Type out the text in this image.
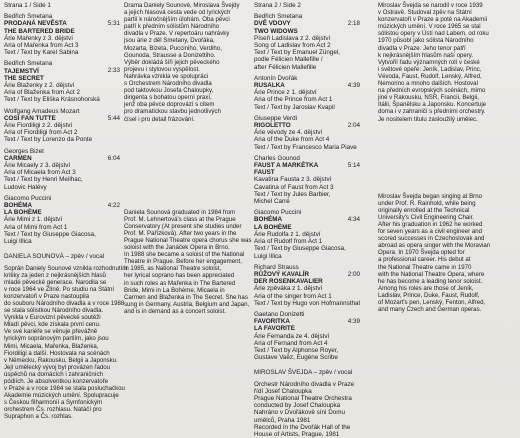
Strana 1 / Side 1
Bedřich Smetana
PRODANÁ NEVĚSTA
THE BARTERED BRIDE
Árie Mařenky z 3. dějství
Aria of Mařenka from Act 3
Text / Text by Karel Sabina
5:31
Bedřich Smetana
TAJEMSTVÍ
THE SECRET
Árie Blaženky z 2. dějství
Aria of Blaženka from Act 2
Text / Text by Eliška Krásnohorská
2:33
Wolfgang Amadeus Mozart
COSÍ FAN TUTTE
Árie Fiordiligi z 2. dějství
Aria of Fiordiligi from Act 2
Text / Text by Lorenzo da Ponte
5:44
Georges Bizet
CARMEN
Árie Micaely z 3. dějství
Aria of Micaela from Act 3
Text / Text by Henri Meilhac,
Ludovic Halévy
6:04
Giacomo Puccini
BOHÉMA
LA BOHÈME
Árie Mimi z 1. dějství
Aria of Mimi from Act 1
Text / Text by Giuseppe Giacosa,
Luigi Illica
4:22
DANIELA SOUNOVÁ – zpěv / vocal
Soprán Daniely Sounové vznikla rozhodnutím
kritiky za jeden z nejkrásnějších hlasů
mladé pěvecké generace. Narodila se
v roce 1964 ve Zlíně. Po studiu na Státní
konzervatoři v Praze nastoupila
do souboru Národního divadla a v roce 1988
se stala sólistkou Národního divadla.
Vynikla v Eurovizní pěvecké soutěži
Mladí pěvci, kde získala první cenu.
Ve své kariéře se věnuje převážně
lyrickým sopránovým partiím, jako jsou
Mimi, Micaela, Mařenka, Blaženka,
Fiordiligi a další. Hostovala na scénách
v Německu, Rakousku, Belgii a Japonsku.
Její umělecký vývoj byl provázen řadou
úspěchů na domácích i zahraničních
pódiích. Je absolventkou konzervatoře
v Praze a v roce 1984 se stala posluchačkou
Akademie múzických umění. Spolupracuje
s Českou filharmonií a Symfonickým
orchestrem Čs. rozhlasu. Natáčí pro
Supraphon a Čs. rozhlas.
Drama Daniely Sounové, Miroslava Švejdy
a jejich hlasová cesta vede od lyrických
partií k náročnějším úlohám. Oba pěvci
patří k předním sólistům Národního
divadla v Praze. V repertoáru nahrávky
jsou árie z děl Smetany, Dvořáka,
Mozarta, Bizeta, Pucciniho, Verdiho,
Gounoda, Strausse a Donizettiho.
Výběr dokládá šíři jejich pěveckého
projevu i stylovou vyspělost.
Nahrávka vznikla ve spolupráci
s Orchestrem Národního divadla
pod taktovkou Josefa Chaloupky,
dirigenta s bohatou operní praxí,
jenž oba pěvce doprovází s citem
pro dramatickou stavbu jednotlivých
čísel i pro detail frázování.
Daniela Sounová graduated in 1984 from
Prof. M. Lehnertová's class at the Prague
Conservatory (At present she studies under
Prof. M. Pařízková). After two years in the
Prague National Theatre opera chorus she was
soloist with the Janáček Opera in Brno.
In 1988 she became a soloist of the National
Theatre in Prague. Before her engagement,
in 1985, as National Theatre soloist,
her lyrical soprano has been appreciated
in such roles as Mařenka in The Bartered
Bride, Mimi in La Bohème, Micaela in
Carmen and Blaženka in The Secret. She has
sung in Germany, Austria, Belgium and Japan,
and is in demand as a concert soloist.
Strana 2 / Side 2
Bedřich Smetana
DVĚ VDOVY
TWO WIDOWS
Píseň Ladislava z 2. dějství
Song of Ladislav from Act 2
Text / Text by Emanuel Züngel,
podle Félicien Mallefille /
after Félicien Mallefille
2:18
Antonín Dvořák
RUSALKA
Árie Prince z 1. dějství
Aria of the Prince from Act 1
Text / Text by Jaroslav Kvapil
4:39
Giuseppe Verdi
RIGOLETTO
Árie vévody ze 4. dějství
Aria of the Duke from Act 4
Text / Text by Francesco Maria Piave
2:04
Charles Gounod
FAUST A MARKÉTKA
FAUST
Kavatina Fausta z 3. dějství
Cavatina of Faust from Act 3
Text / Text by Jules Barbier,
Michel Carré
5:14
Giacomo Puccini
BOHÉMA
LA BOHÈME
Árie Rudolfa z 1. dějství
Aria of Rudolf from Act 1
Text / Text by Giuseppe Giacosa,
Luigi Illica
4:34
Richard Strauss
RŮŽOVÝ KAVALÍR
DER ROSENKAVALIER
Árie zpěváka z 1. dějství
Aria of the singer from Act 1
Text / Text by Hugo von Hofmannsthal
2:00
Gaetano Donizetti
FAVORITKA
LA FAVORITE
Árie Fernanda ze 4. dějství
Aria of Fernand from Act 4
Text / Text by Alphonse Royer,
Gustave Vaëz, Eugène Scribe
4:39
MIROSLAV ŠVEJDA – zpěv / vocal
Orchestr Národního divadla v Praze
řídí Josef Chaloupka
Prague National Theatre Orchestra
conducted by Josef Chaloupka
Nahráno v Dvořákově síni Domu
umělců, Praha 1981
Recorded in the Dvořák Hall of the
House of Artists, Prague, 1981
Miroslav Švejda se narodil v roce 1939
v Ostravě. Studoval zpěv na Státní
konzervatoři v Praze a poté na Akademii
múzických umění. V roce 1965 se stal
sólistou opery v Ústí nad Labem, od roku
1970 působí jako sólista Národního
divadla v Praze. Jeho tenor patří
k nejkrásnějším hlasům naší opery.
Vytvořil řadu významných rolí v české
i světové opeře: Jeník, Ladislav, Princ,
Vévoda, Faust, Rudolf, Lenský, Alfred,
Nemorino a mnoho dalších. Hostoval
na předních evropských scénách, mimo
jiné v Rakousku, NSR, Francii, Belgii,
Itálii, Španělsku a Japonsku. Koncertuje
doma i v zahraničí s předními orchestry.
Je nositelem titulu zasloužilý umělec.
Miroslav Švejda began singing at Brno
under Prof. R. Rainhold, while being
originally enrolled at the Technical
University's Civil Engineering Chair.
After his graduation in 1962 he worked
for seven years as a civil engineer and
scored successes in Czechoslovak and
abroad as opera singer with the Moravian
Opera. In 1970 Švejda opted for
a professional career. His debut at
the National Theatre came in 1970
with the National Theatre Opera, where
he has become a leading tenor soloist.
Among his roles are those of Jeník,
Ladislav, Prince, Duke, Faust, Rudolf,
of Mozart's pen, Lenský, Fenton, Alfred,
and many Czech and German operas.
